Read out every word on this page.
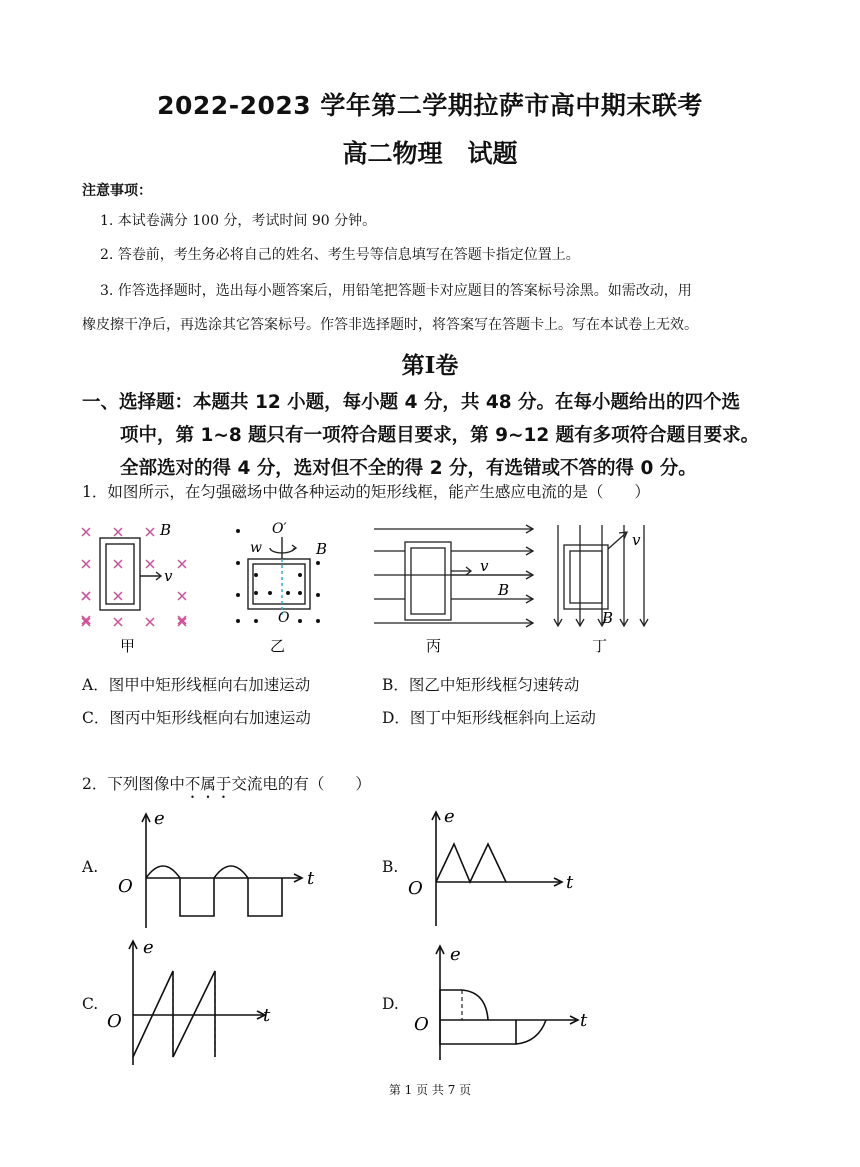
2022-2023 学年第二学期拉萨市高中期末联考
高二物理　试题
注意事项：
1. 本试卷满分 100 分，考试时间 90 分钟。
2. 答卷前，考生务必将自己的姓名、考生号等信息填写在答题卡指定位置上。
3. 作答选择题时，选出每小题答案后，用铅笔把答题卡对应题目的答案标号涂黑。如需改动，用
橡皮擦干净后，再选涂其它答案标号。作答非选择题时，将答案写在答题卡上。写在本试卷上无效。
第Ⅰ卷
一、选择题：本题共 12 小题，每小题 4 分，共 48 分。在每小题给出的四个选
项中，第 1~8 题只有一项符合题目要求，第 9~12 题有多项符合题目要求。
全部选对的得 4 分，选对但不全的得 2 分，有选错或不答的得 0 分。
1．如图所示，在匀强磁场中做各种运动的矩形线框，能产生感应电流的是（　　）
B
v
甲
O′
w	B
O
乙
v
B
丙
v
B
丁
A．图甲中矩形线框向右加速运动	B．图乙中矩形线框匀速转动
C．图丙中矩形线框向右加速运动	D．图丁中矩形线框斜向上运动
2．下列图像中不属于交流电的有（　　）
A.
e
O	t
B.
e
O	t
C.
e
O	t
D.
e
O	t
第 1 页 共 7 页
